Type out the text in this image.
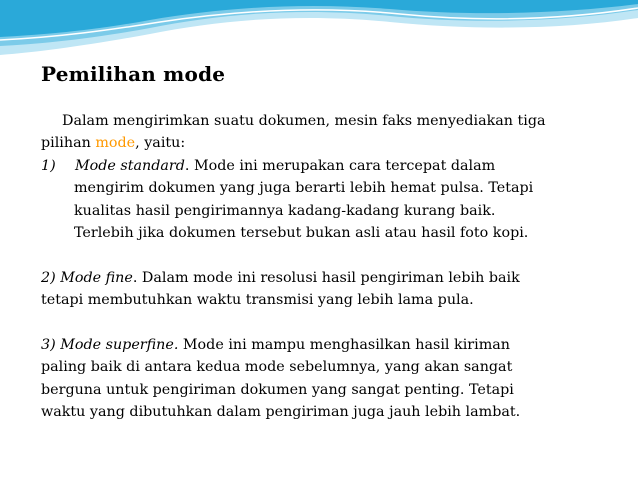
Pemilihan mode
Dalam mengirimkan suatu dokumen, mesin faks menyediakan tiga
pilihan mode, yaitu:
1) Mode standard. Mode ini merupakan cara tercepat dalam
mengirim dokumen yang juga berarti lebih hemat pulsa. Tetapi
kualitas hasil pengirimannya kadang-kadang kurang baik.
Terlebih jika dokumen tersebut bukan asli atau hasil foto kopi.
2) Mode fine. Dalam mode ini resolusi hasil pengiriman lebih baik
tetapi membutuhkan waktu transmisi yang lebih lama pula.
3) Mode superfine. Mode ini mampu menghasilkan hasil kiriman
paling baik di antara kedua mode sebelumnya, yang akan sangat
berguna untuk pengiriman dokumen yang sangat penting. Tetapi
waktu yang dibutuhkan dalam pengiriman juga jauh lebih lambat.
